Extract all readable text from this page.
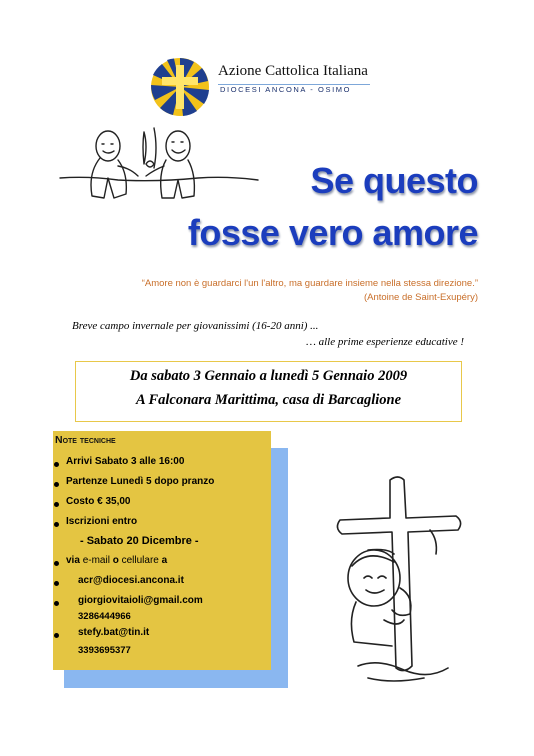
Azione Cattolica Italiana
DIOCESI ANCONA - OSIMO
Se questo
fosse vero amore
“Amore non è guardarci l'un l'altro, ma guardare insieme nella stessa direzione.”
(Antoine de Saint-Exupéry)
Breve campo invernale per giovanissimi (16-20 anni) ...
… alle prime esperienze educative !
Da sabato 3 Gennaio a lunedì 5 Gennaio 2009
A Falconara Marittima, casa di Barcaglione
Note tecniche
Arrivi Sabato 3 alle 16:00
Partenze Lunedì 5 dopo pranzo
Costo € 35,00
Iscrizioni entro
- Sabato 20 Dicembre -
via e-mail o cellulare a
acr@diocesi.ancona.it
giorgiovitaioli@gmail.com
3286444966
stefy.bat@tin.it
3393695377
